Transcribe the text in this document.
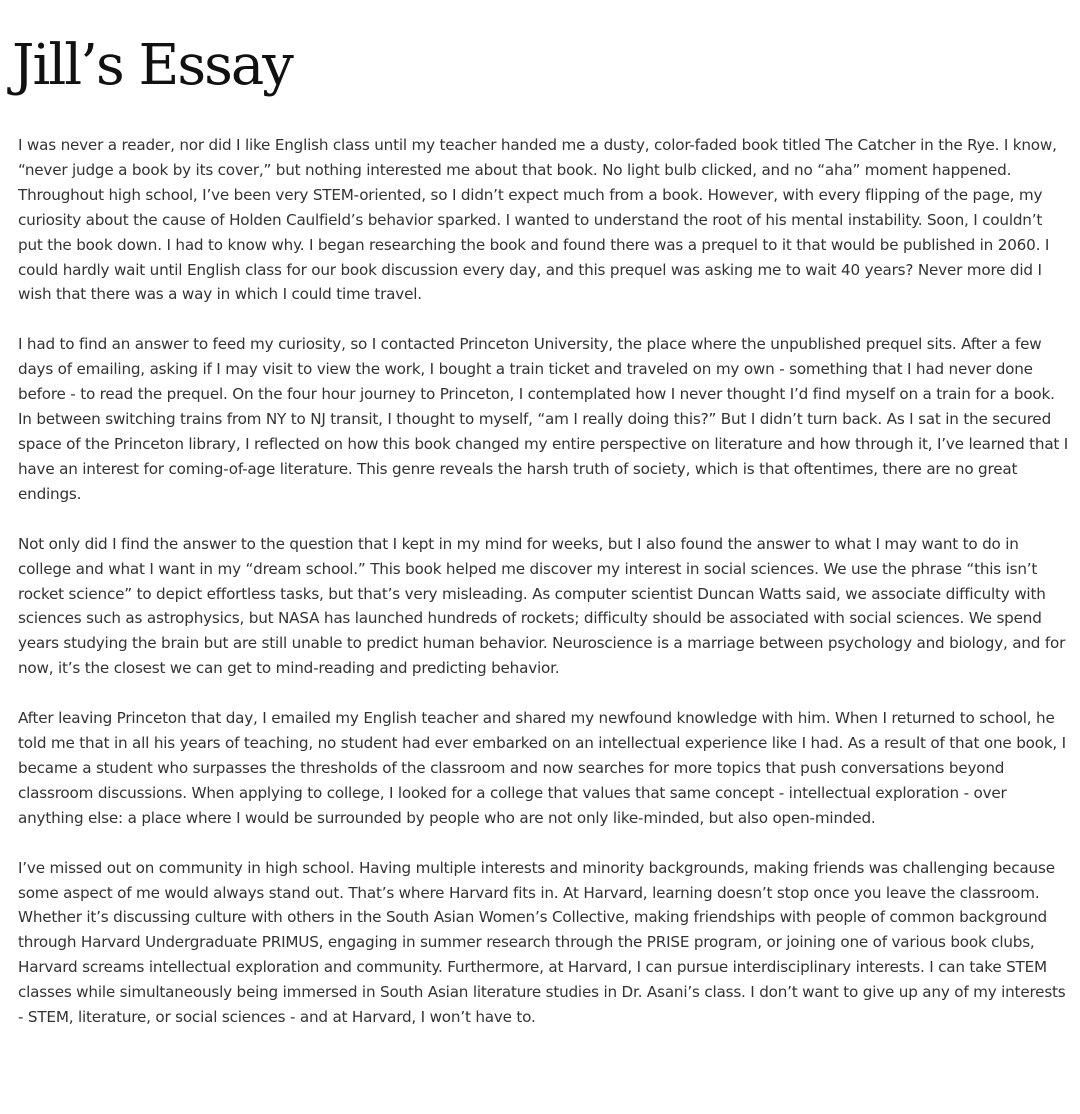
Jill’s Essay

I was never a reader, nor did I like English class until my teacher handed me a dusty, color-faded book titled The Catcher in the Rye. I know, “never judge a book by its cover,” but nothing interested me about that book. No light bulb clicked, and no “aha” moment happened. Throughout high school, I’ve been very STEM-oriented, so I didn’t expect much from a book. However, with every flipping of the page, my curiosity about the cause of Holden Caulfield’s behavior sparked. I wanted to understand the root of his mental instability. Soon, I couldn’t put the book down. I had to know why. I began researching the book and found there was a prequel to it that would be published in 2060. I could hardly wait until English class for our book discussion every day, and this prequel was asking me to wait 40 years? Never more did I wish that there was a way in which I could time travel.

I had to find an answer to feed my curiosity, so I contacted Princeton University, the place where the unpublished prequel sits. After a few days of emailing, asking if I may visit to view the work, I bought a train ticket and traveled on my own - something that I had never done before - to read the prequel. On the four hour journey to Princeton, I contemplated how I never thought I’d find myself on a train for a book. In between switching trains from NY to NJ transit, I thought to myself, “am I really doing this?” But I didn’t turn back. As I sat in the secured space of the Princeton library, I reflected on how this book changed my entire perspective on literature and how through it, I’ve learned that I have an interest for coming-of-age literature. This genre reveals the harsh truth of society, which is that oftentimes, there are no great endings.

Not only did I find the answer to the question that I kept in my mind for weeks, but I also found the answer to what I may want to do in college and what I want in my “dream school.” This book helped me discover my interest in social sciences. We use the phrase “this isn’t rocket science” to depict effortless tasks, but that’s very misleading. As computer scientist Duncan Watts said, we associate difficulty with sciences such as astrophysics, but NASA has launched hundreds of rockets; difficulty should be associated with social sciences. We spend years studying the brain but are still unable to predict human behavior. Neuroscience is a marriage between psychology and biology, and for now, it’s the closest we can get to mind-reading and predicting behavior.

After leaving Princeton that day, I emailed my English teacher and shared my newfound knowledge with him. When I returned to school, he told me that in all his years of teaching, no student had ever embarked on an intellectual experience like I had. As a result of that one book, I became a student who surpasses the thresholds of the classroom and now searches for more topics that push conversations beyond classroom discussions. When applying to college, I looked for a college that values that same concept - intellectual exploration - over anything else: a place where I would be surrounded by people who are not only like-minded, but also open-minded.

I’ve missed out on community in high school. Having multiple interests and minority backgrounds, making friends was challenging because some aspect of me would always stand out. That’s where Harvard fits in. At Harvard, learning doesn’t stop once you leave the classroom. Whether it’s discussing culture with others in the South Asian Women’s Collective, making friendships with people of common background through Harvard Undergraduate PRIMUS, engaging in summer research through the PRISE program, or joining one of various book clubs, Harvard screams intellectual exploration and community. Furthermore, at Harvard, I can pursue interdisciplinary interests. I can take STEM classes while simultaneously being immersed in South Asian literature studies in Dr. Asani’s class. I don’t want to give up any of my interests - STEM, literature, or social sciences - and at Harvard, I won’t have to.
